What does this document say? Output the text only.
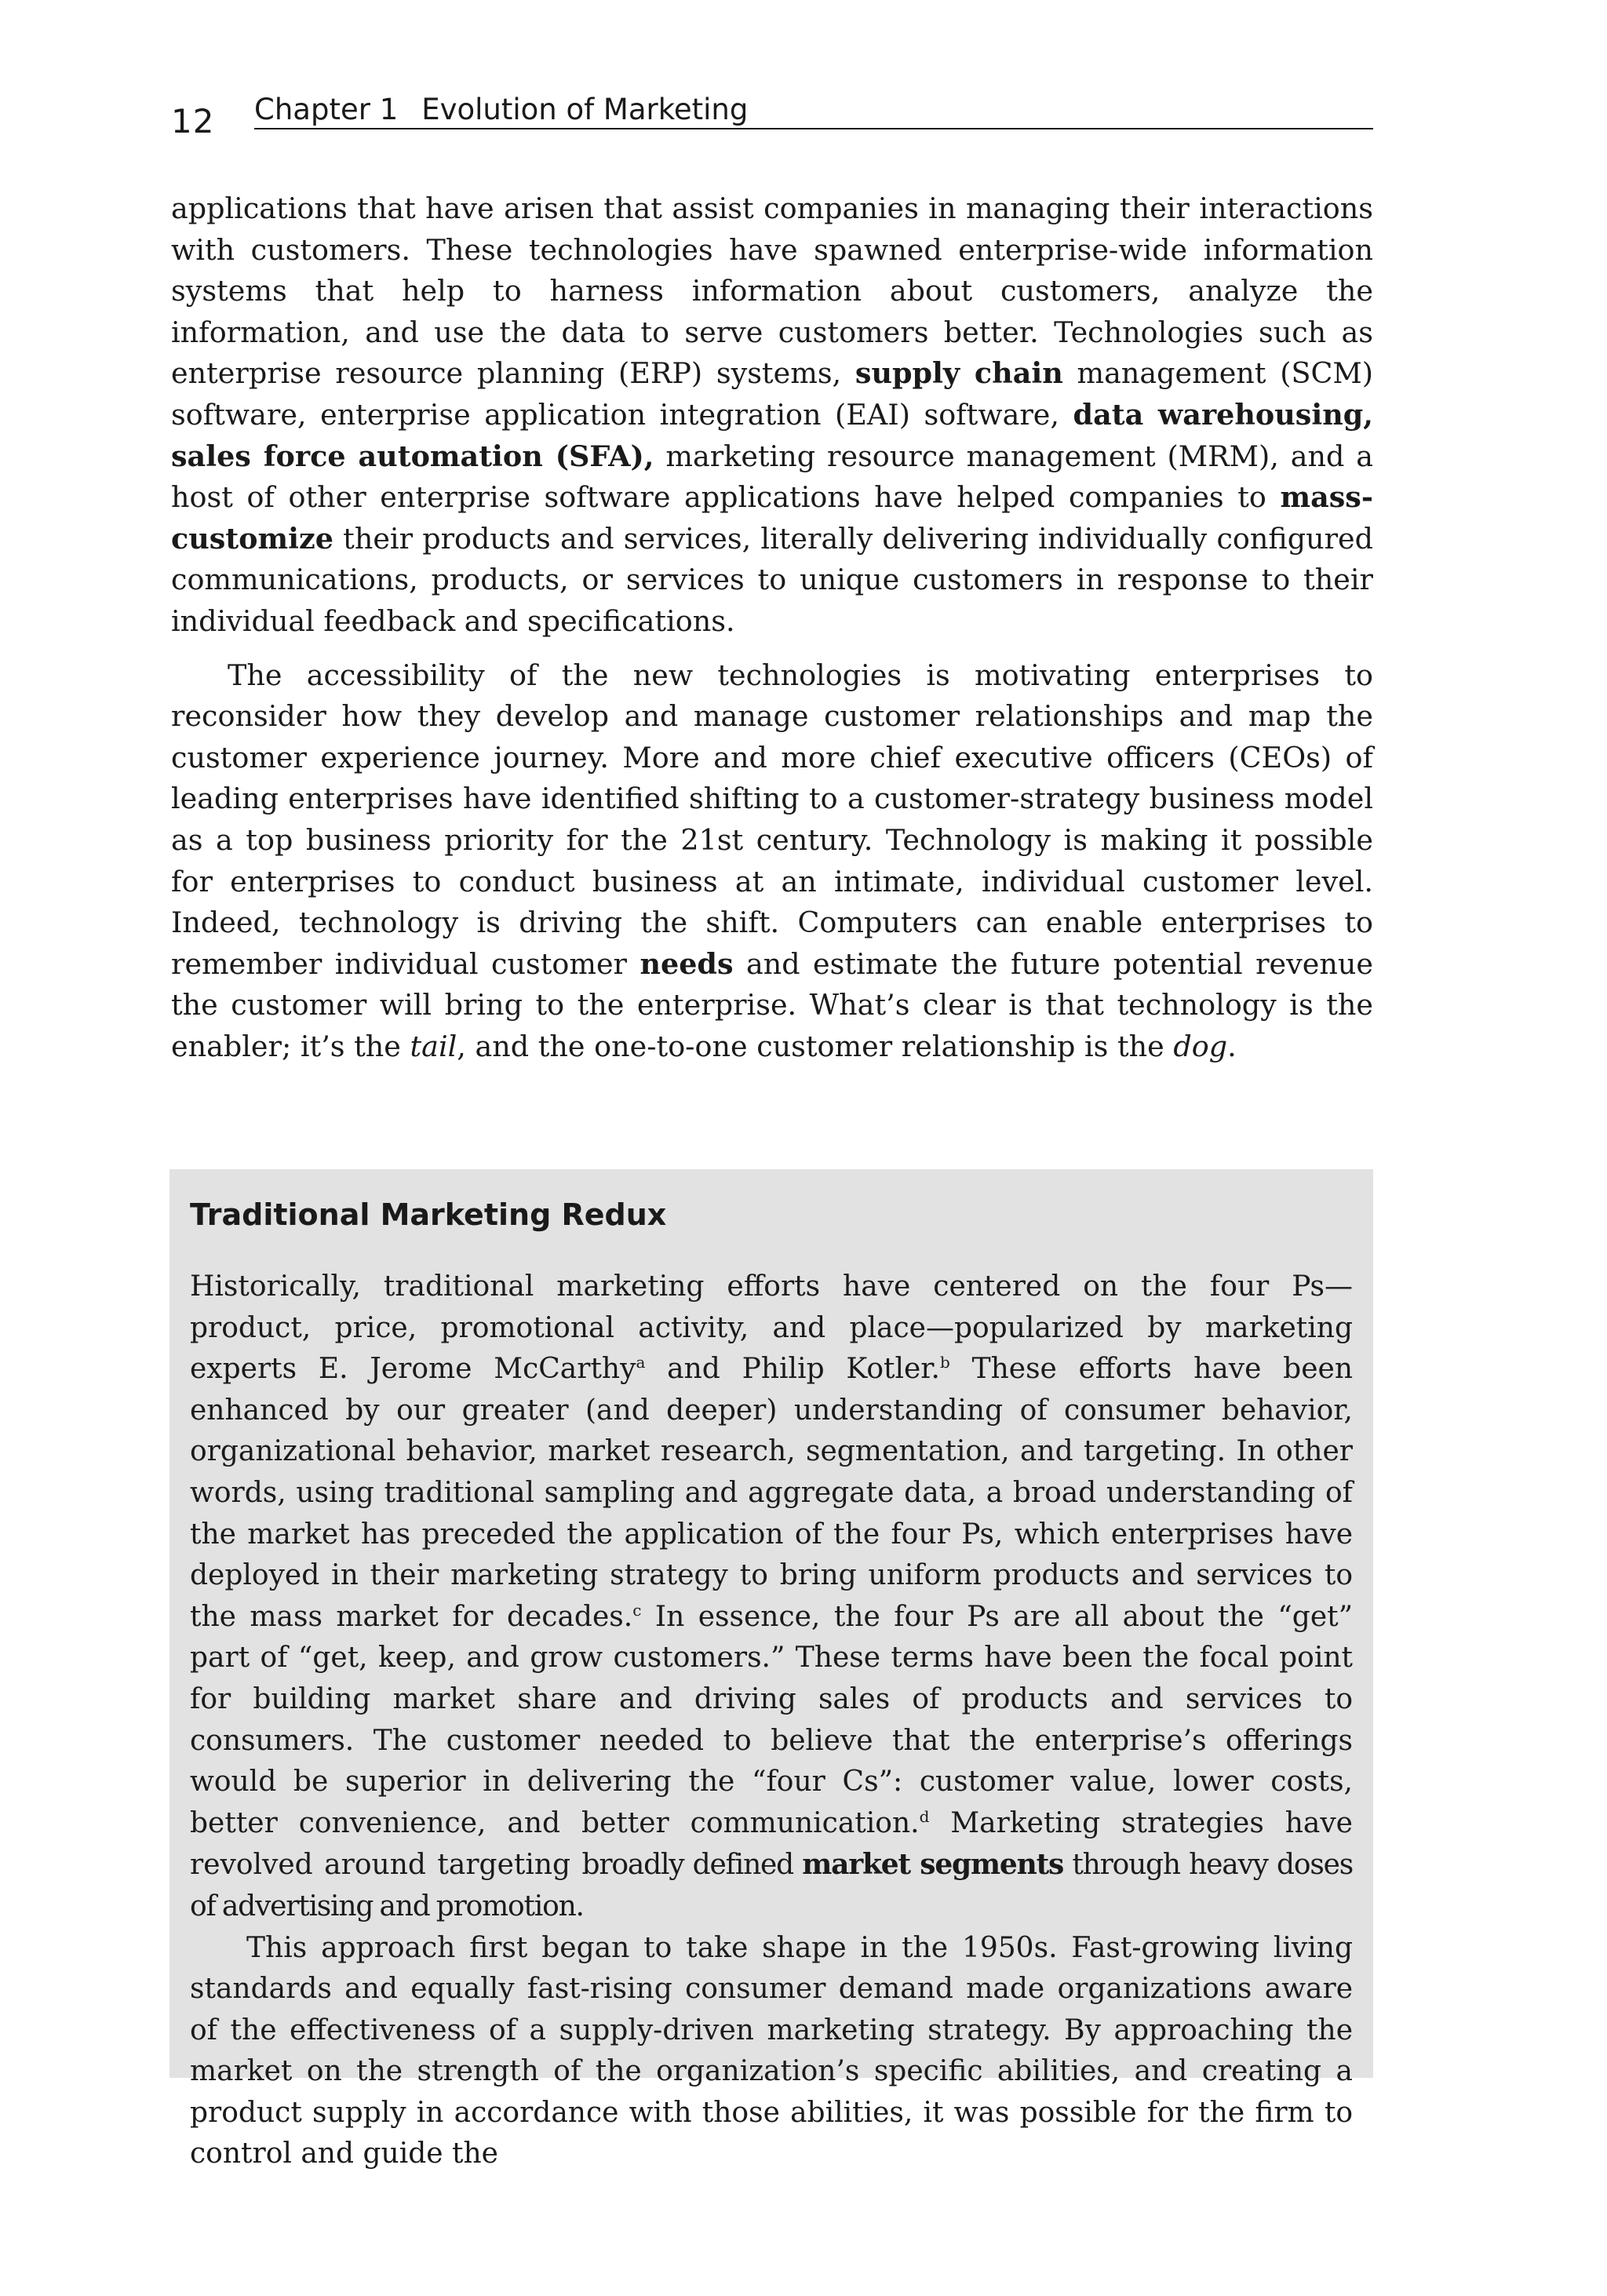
12 Chapter 1 Evolution of Marketing

applications that have arisen that assist companies in managing their interactions with customers. These technologies have spawned enterprise-wide information systems that help to harness information about customers, analyze the information, and use the data to serve customers better. Technologies such as enterprise resource planning (ERP) systems, supply chain management (SCM) software, enterprise application integration (EAI) software, data warehousing, sales force automation (SFA), marketing resource management (MRM), and a host of other enterprise software applications have helped companies to mass-customize their products and services, literally delivering individually configured communications, products, or services to unique customers in response to their individual feedback and specifications.

The accessibility of the new technologies is motivating enterprises to reconsider how they develop and manage customer relationships and map the customer experience journey. More and more chief executive officers (CEOs) of leading enterprises have identified shifting to a customer-strategy business model as a top business priority for the 21st century. Technology is making it possible for enterprises to conduct business at an intimate, individual customer level. Indeed, technology is driving the shift. Computers can enable enterprises to remember individual customer needs and estimate the future potential revenue the customer will bring to the enterprise. What’s clear is that technology is the enabler; it’s the tail, and the one-to-one customer relationship is the dog.

Traditional Marketing Redux

Historically, traditional marketing efforts have centered on the four Ps— product, price, promotional activity, and place—popularized by marketing experts E. Jerome McCarthy$^a$ and Philip Kotler.$^b$ These efforts have been enhanced by our greater (and deeper) understanding of consumer behavior, organizational behavior, market research, segmentation, and targeting. In other words, using traditional sampling and aggregate data, a broad understanding of the market has preceded the application of the four Ps, which enterprises have deployed in their marketing strategy to bring uniform products and services to the mass market for decades.$^c$ In essence, the four Ps are all about the “get” part of “get, keep, and grow customers.” These terms have been the focal point for building market share and driving sales of products and services to consumers. The customer needed to believe that the enterprise’s offerings would be superior in delivering the “four Cs”: customer value, lower costs, better convenience, and better communication.$^d$ Marketing strategies have revolved around targeting broadly defined market segments through heavy doses of advertising and promotion.

This approach first began to take shape in the 1950s. Fast-growing living standards and equally fast-rising consumer demand made organizations aware of the effectiveness of a supply-driven marketing strategy. By approaching the market on the strength of the organization’s specific abilities, and creating a product supply in accordance with those abilities, it was possible for the firm to control and guide the
